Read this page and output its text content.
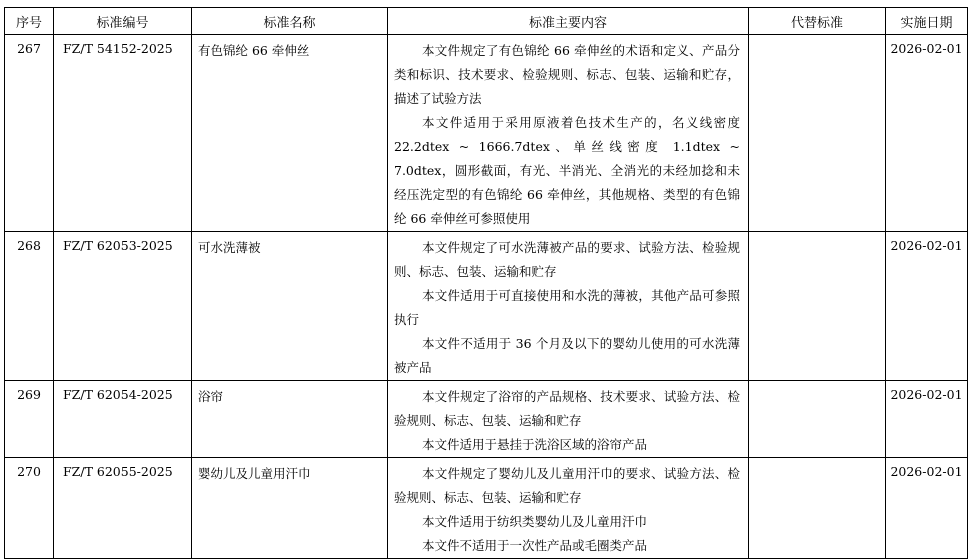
序号	标准编号	标准名称	标准主要内容	代替标准	实施日期
267	FZ/T 54152-2025	有色锦纶 66 牵伸丝	本文件规定了有色锦纶 66 牵伸丝的术语和定义、产品分类和标识、技术要求、检验规则、标志、包装、运输和贮存，描述了试验方法

本文件适用于采用原液着色技术生产的，名义线密度 22.2dtex ~ 1666.7dtex、单丝线密度 1.1dtex ~ 7.0dtex，圆形截面，有光、半消光、全消光的未经加捻和未经压洗定型的有色锦纶 66 牵伸丝，其他规格、类型的有色锦纶 66 牵伸丝可参照使用		2026-02-01
268	FZ/T 62053-2025	可水洗薄被	本文件规定了可水洗薄被产品的要求、试验方法、检验规则、标志、包装、运输和贮存

本文件适用于可直接使用和水洗的薄被，其他产品可参照执行

本文件不适用于 36 个月及以下的婴幼儿使用的可水洗薄被产品		2026-02-01
269	FZ/T 62054-2025	浴帘	本文件规定了浴帘的产品规格、技术要求、试验方法、检验规则、标志、包装、运输和贮存

本文件适用于悬挂于洗浴区域的浴帘产品		2026-02-01
270	FZ/T 62055-2025	婴幼儿及儿童用汗巾	本文件规定了婴幼儿及儿童用汗巾的要求、试验方法、检验规则、标志、包装、运输和贮存

本文件适用于纺织类婴幼儿及儿童用汗巾

本文件不适用于一次性产品或毛圈类产品		2026-02-01
